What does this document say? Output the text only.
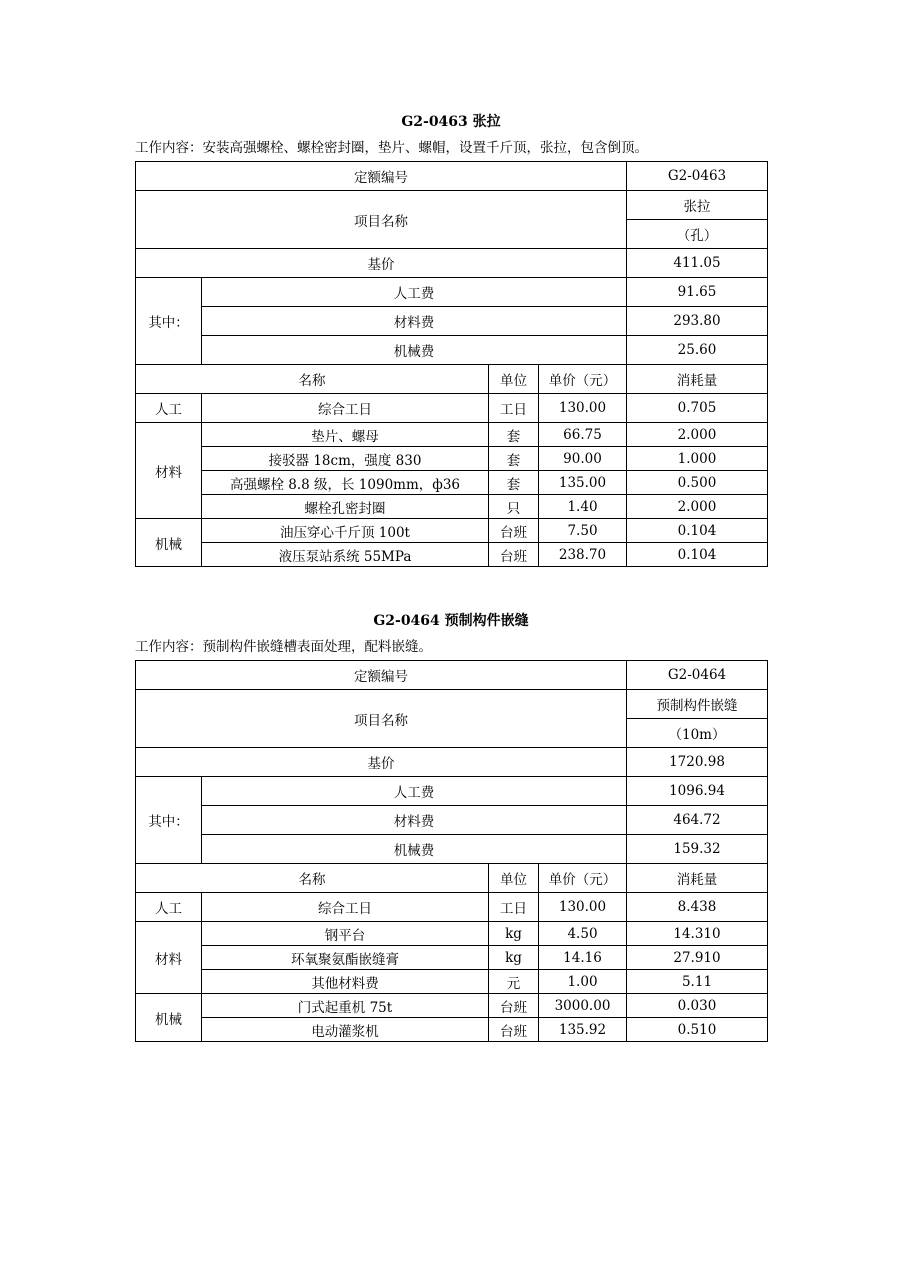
G2-0463 张拉
工作内容：安装高强螺栓、螺栓密封圈，垫片、螺帽，设置千斤顶，张拉，包含倒顶。
定额编号				G2-0463
项目名称				张拉
				（孔）
基价				411.05
其中：	人工费			91.65
	材料费			293.80
	机械费			25.60
名称		单位	单价（元）	消耗量
人工	综合工日	工日	130.00	0.705
材料	垫片、螺母	套	66.75	2.000
	接驳器 18cm，强度 830	套	90.00	1.000
	高强螺栓 8.8 级，长 1090mm，ф36	套	135.00	0.500
	螺栓孔密封圈	只	1.40	2.000
机械	油压穿心千斤顶 100t	台班	7.50	0.104
	液压泵站系统 55MPa	台班	238.70	0.104
G2-0464 预制构件嵌缝
工作内容：预制构件嵌缝槽表面处理，配料嵌缝。
定额编号				G2-0464
项目名称				预制构件嵌缝
				（10m）
基价				1720.98
其中：	人工费			1096.94
	材料费			464.72
	机械费			159.32
名称		单位	单价（元）	消耗量
人工	综合工日	工日	130.00	8.438
材料	钢平台	kg	4.50	14.310
	环氧聚氨酯嵌缝膏	kg	14.16	27.910
	其他材料费	元	1.00	5.11
机械	门式起重机 75t	台班	3000.00	0.030
	电动灌浆机	台班	135.92	0.510
